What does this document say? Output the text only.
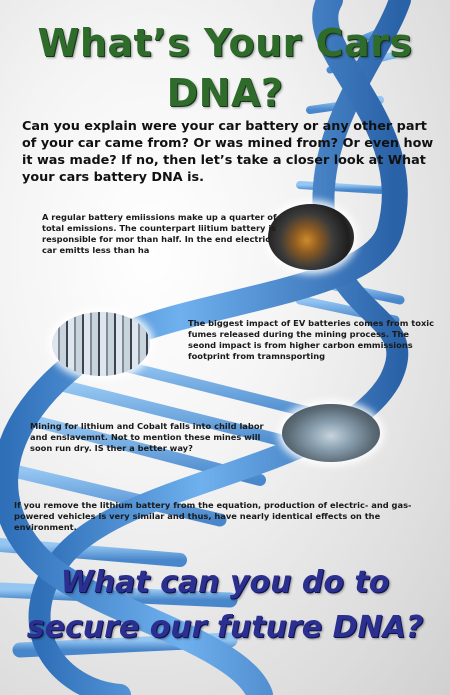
What’s Your Cars
DNA?
Can you explain were your car battery or any other part of your car came from? Or was mined from? Or even how it was made? If no, then let’s take a closer look at What your cars battery DNA is.
A regular battery emiissions make up a quarter of total emissions. The counterpart liitium battery is responsible for mor than half. In the end electric car emitts less than ha
The biggest impact of EV batteries comes from toxic fumes released during the mining process. The seond impact is from higher carbon emmissions footprint from tramnsporting
Mining for lithium and Cobalt falls into child labor and enslavemnt. Not to mention these mines will soon run dry. IS ther a better way?
If you remove the lithium battery from the equation, production of electric- and gas-powered vehicles is very similar and thus, have nearly identical effects on the environment.
What can you do to
secure our future DNA?
